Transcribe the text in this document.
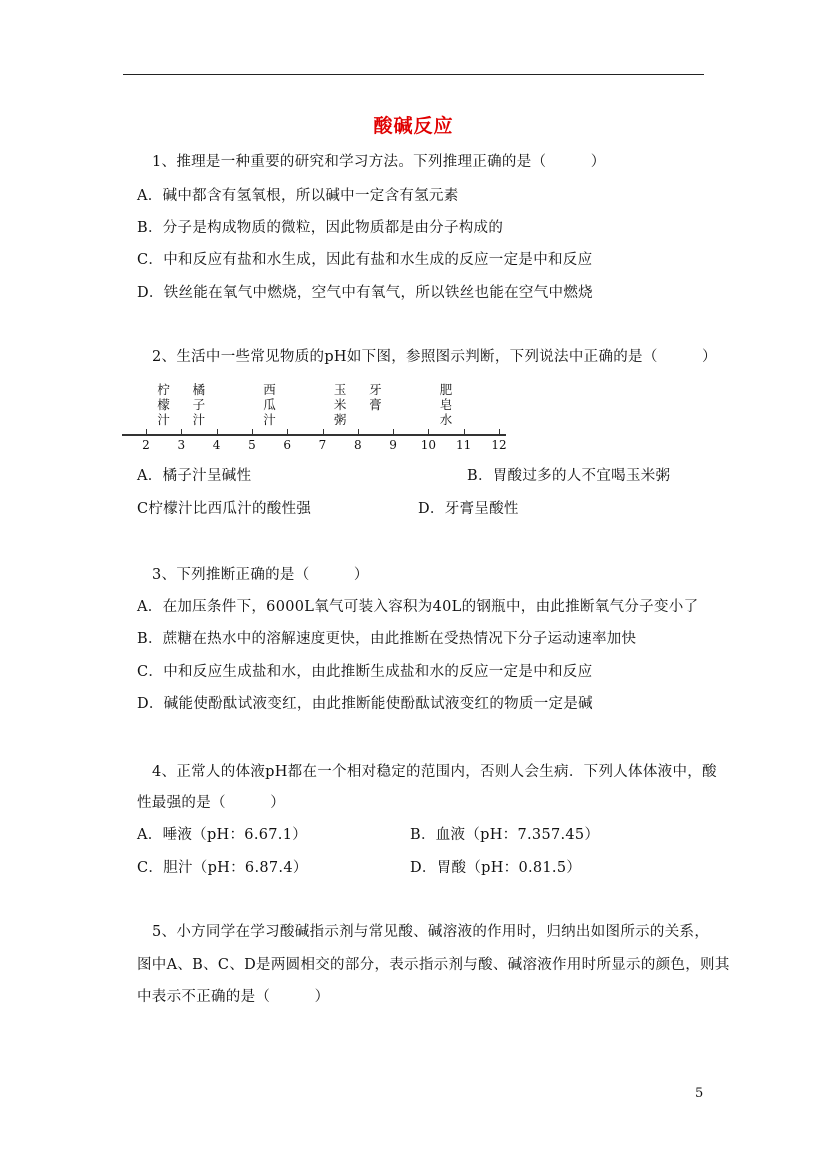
酸碱反应
1、推理是一种重要的研究和学习方法。下列推理正确的是（　　　）
A．碱中都含有氢氧根，所以碱中一定含有氢元素
B．分子是构成物质的微粒，因此物质都是由分子构成的
C．中和反应有盐和水生成，因此有盐和水生成的反应一定是中和反应
D．铁丝能在氧气中燃烧，空气中有氧气，所以铁丝也能在空气中燃烧
2、生活中一些常见物质的pH如下图，参照图示判断，下列说法中正确的是（　　　）
2	3	4	5	6	7	8	9	10 11 12
柠檬汁
橘子汁
西瓜汁
玉米粥
牙膏
肥皂水
A．橘子汁呈碱性	B．胃酸过多的人不宜喝玉米粥
C柠檬汁比西瓜汁的酸性强	D．牙膏呈酸性
3、下列推断正确的是（　　　）
A．在加压条件下，6000L氧气可装入容积为40L的钢瓶中，由此推断氧气分子变小了
B．蔗糖在热水中的溶解速度更快，由此推断在受热情况下分子运动速率加快
C．中和反应生成盐和水，由此推断生成盐和水的反应一定是中和反应
D．碱能使酚酞试液变红，由此推断能使酚酞试液变红的物质一定是碱
4、正常人的体液pH都在一个相对稳定的范围内，否则人会生病．下列人体体液中，酸
性最强的是（　　　）
A．唾液（pH：6.67.1）	B．血液（pH：7.357.45）
C．胆汁（pH：6.87.4）	D．胃酸（pH：0.81.5）
5、小方同学在学习酸碱指示剂与常见酸、碱溶液的作用时，归纳出如图所示的关系，
图中A、B、C、D是两圆相交的部分，表示指示剂与酸、碱溶液作用时所显示的颜色，则其
中表示不正确的是（　　　）
5
